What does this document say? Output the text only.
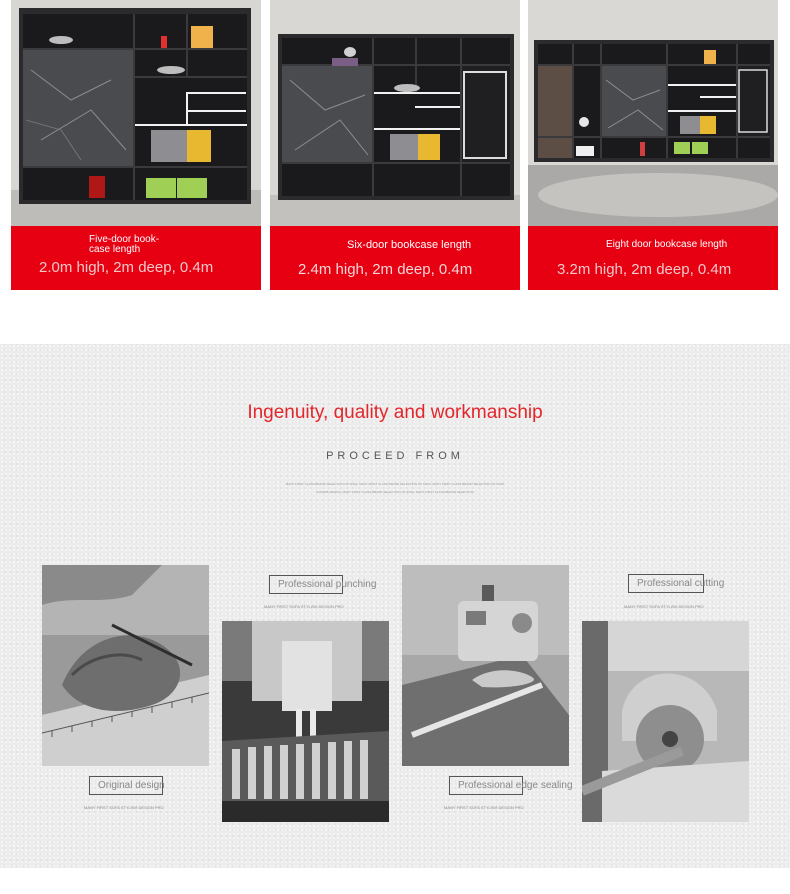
Five-door book-
case length
2.0m high, 2m deep, 0.4m
Six-door bookcase length
2.4m high, 2m deep, 0.4m
Eight door bookcase length
3.2m high, 2m deep, 0.4m
Ingenuity, quality and workmanship
PROCEED FROM
MANY FIRST CLASS BRAND SELECTION OF SOFA, MANY FIRST CLASS BRAND SELECTION OF SOFA, MANY FIRST CLASS BRAND SELECTION OF SOFA
SUPERB DESIGN, MANY FIRST CLASS BRAND SELECTION OF SOFA, MANY FIRST CLASS BRAND SELECTION
Original design
MANY FIRST SOFA STYLISH DESIGN PRO
Professional punching
MANY FIRST SOFA STYLISH DESIGN PRO
Professional edge sealing
MANY FIRST SOFA STYLISH DESIGN PRO
Professional cutting
MANY FIRST SOFA STYLISH DESIGN PRO
